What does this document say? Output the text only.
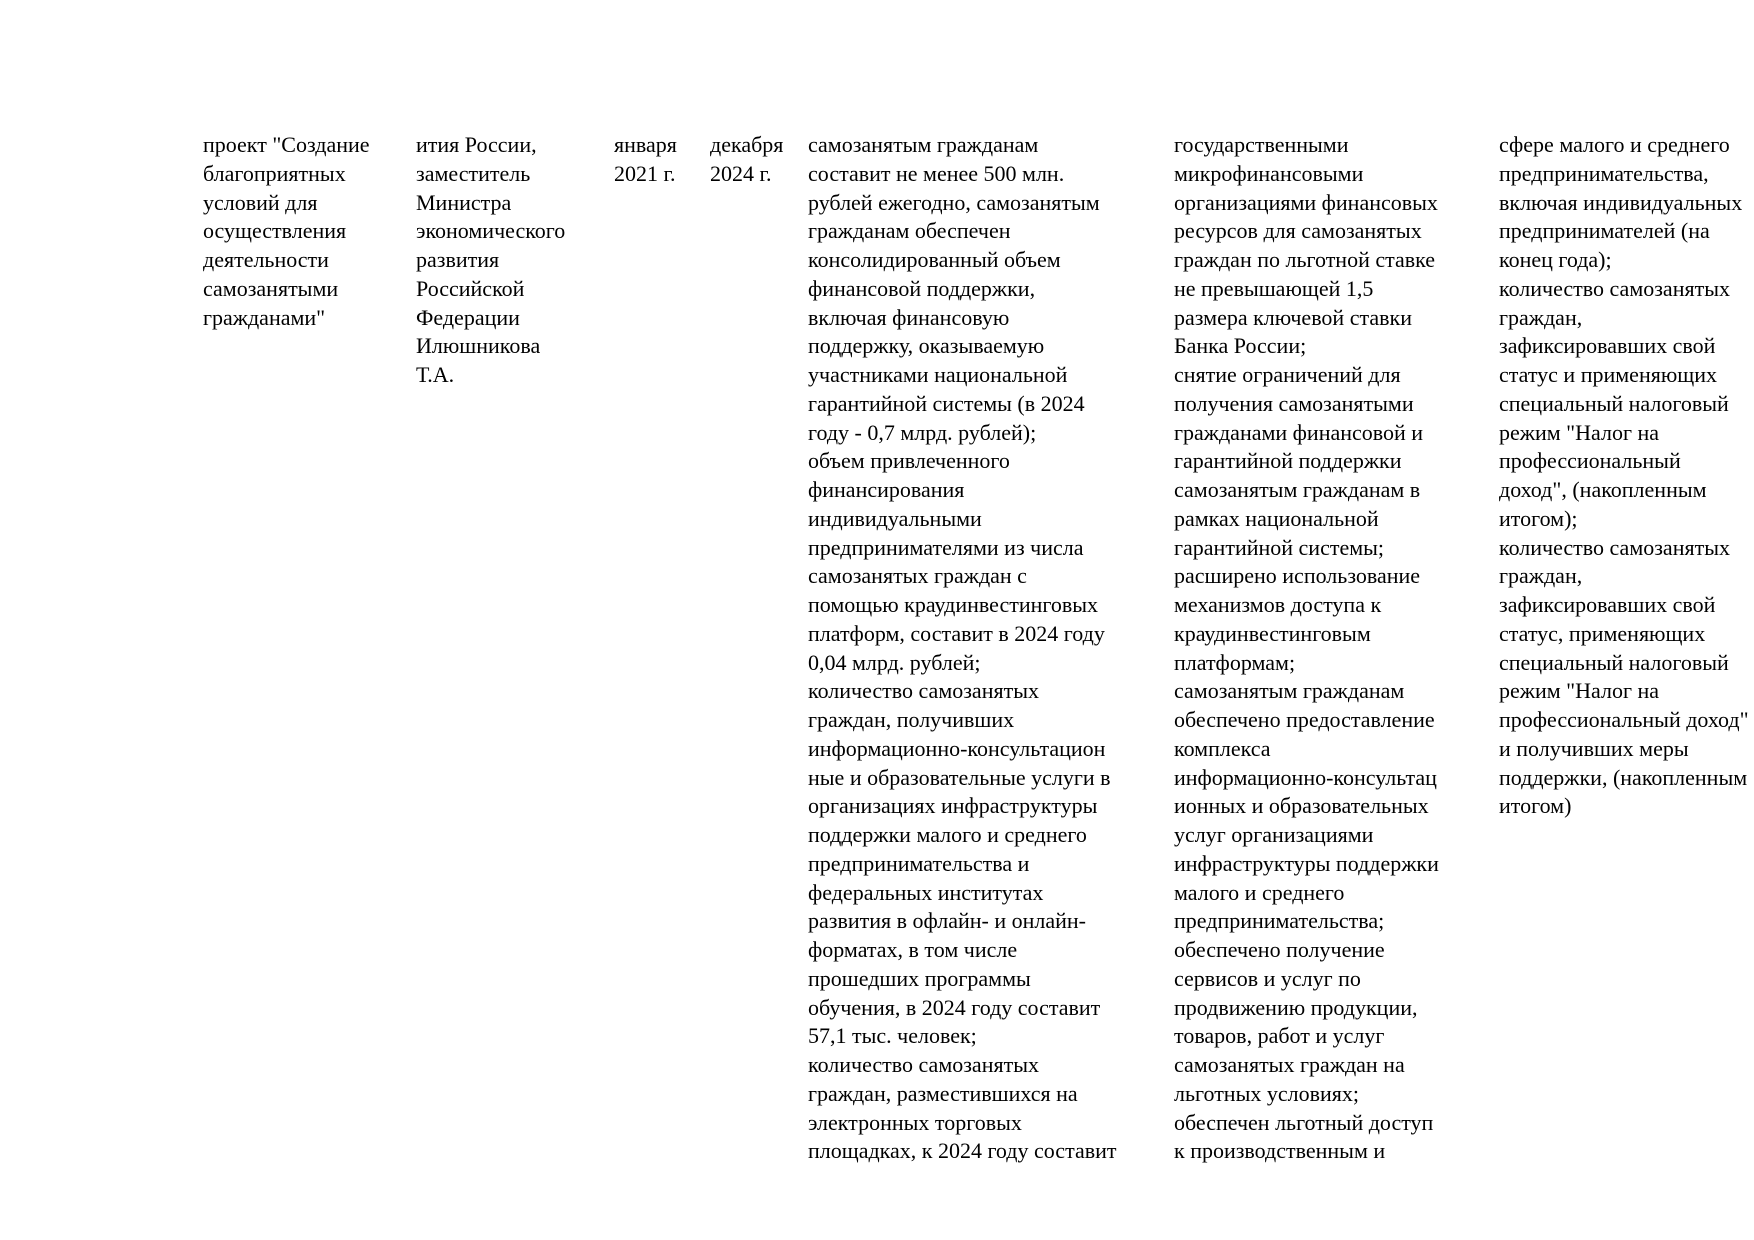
проект "Создание
благоприятных
условий для
осуществления
деятельности
самозанятыми
гражданами"
ития России,
заместитель
Министра
экономического
развития
Российской
Федерации
Илюшникова
Т.А.
января
2021 г.
декабря
2024 г.
самозанятым гражданам
составит не менее 500 млн.
рублей ежегодно, самозанятым
гражданам обеспечен
консолидированный объем
финансовой поддержки,
включая финансовую
поддержку, оказываемую
участниками национальной
гарантийной системы (в 2024
году - 0,7 млрд. рублей);
объем привлеченного
финансирования
индивидуальными
предпринимателями из числа
самозанятых граждан с
помощью краудинвестинговых
платформ, составит в 2024 году
0,04 млрд. рублей;
количество самозанятых
граждан, получивших
информационно-консультацион
ные и образовательные услуги в
организациях инфраструктуры
поддержки малого и среднего
предпринимательства и
федеральных институтах
развития в офлайн- и онлайн-
форматах, в том числе
прошедших программы
обучения, в 2024 году составит
57,1 тыс. человек;
количество самозанятых
граждан, разместившихся на
электронных торговых
площадках, к 2024 году составит
государственными
микрофинансовыми
организациями финансовых
ресурсов для самозанятых
граждан по льготной ставке
не превышающей 1,5
размера ключевой ставки
Банка России;
снятие ограничений для
получения самозанятыми
гражданами финансовой и
гарантийной поддержки
самозанятым гражданам в
рамках национальной
гарантийной системы;
расширено использование
механизмов доступа к
краудинвестинговым
платформам;
самозанятым гражданам
обеспечено предоставление
комплекса
информационно-консультац
ионных и образовательных
услуг организациями
инфраструктуры поддержки
малого и среднего
предпринимательства;
обеспечено получение
сервисов и услуг по
продвижению продукции,
товаров, работ и услуг
самозанятых граждан на
льготных условиях;
обеспечен льготный доступ
к производственным и
сфере малого и среднего
предпринимательства,
включая индивидуальных
предпринимателей (на
конец года);
количество самозанятых
граждан,
зафиксировавших свой
статус и применяющих
специальный налоговый
режим "Налог на
профессиональный
доход", (накопленным
итогом);
количество самозанятых
граждан,
зафиксировавших свой
статус, применяющих
специальный налоговый
режим "Налог на
профессиональный доход"
и получивших меры
поддержки, (накопленным
итогом)
